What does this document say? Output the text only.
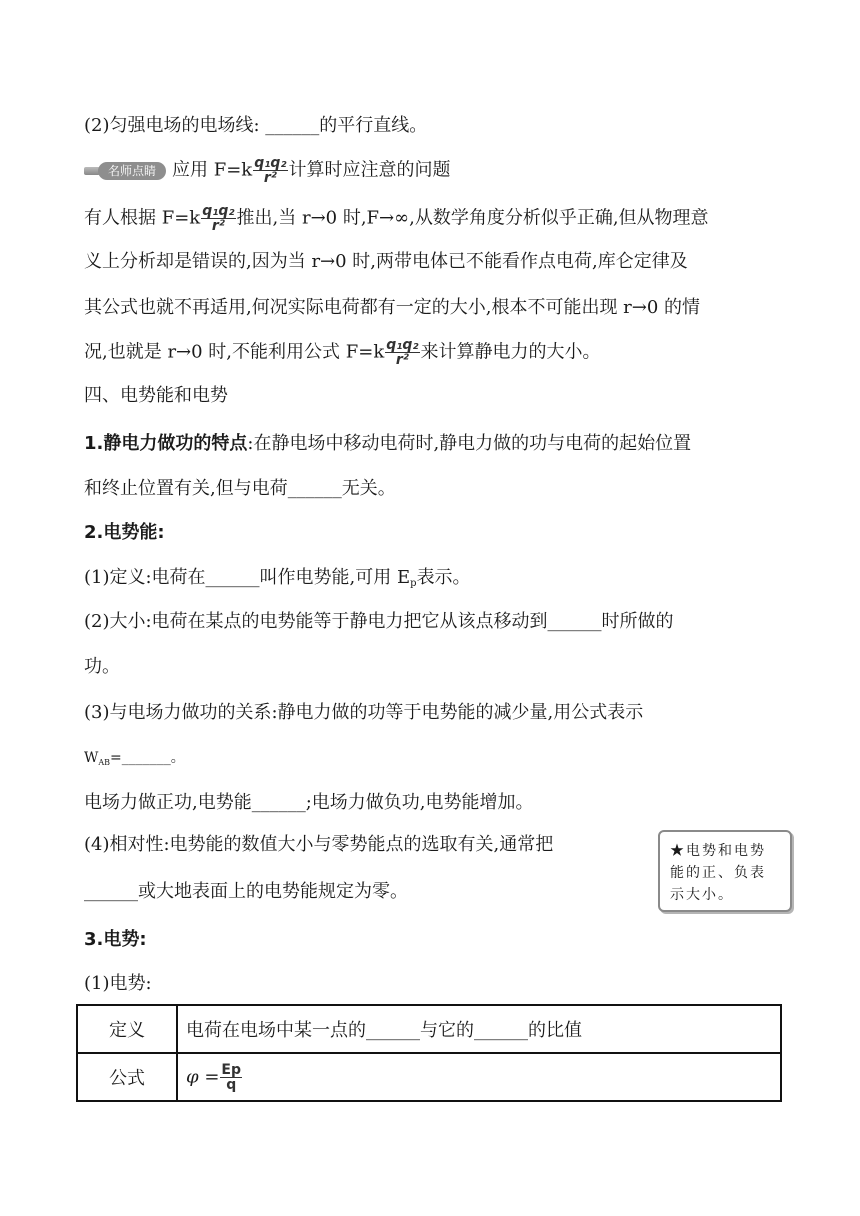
(2)匀强电场的电场线: ______的平行直线。
名师点睛 应用 $F=k \frac{\text{q₁q₂}}{\text{r²}}$ 计算时应注意的问题
有人根据 $F=k \frac{\text{q₁q₂}}{\text{r²}}$ 推出,当 r→0 时,F→∞,从数学角度分析似乎正确,但从物理意
义上分析却是错误的,因为当 r→0 时,两带电体已不能看作点电荷,库仑定律及
其公式也就不再适用,何况实际电荷都有一定的大小,根本不可能出现 r→0 的情
况,也就是 r→0 时,不能利用公式 $F=k \frac{\text{q₁q₂}}{\text{r²}}$ 来计算静电力的大小。
四、电势能和电势
1.静电力做功的特点:在静电场中移动电荷时,静电力做的功与电荷的起始位置
和终止位置有关,但与电荷______无关。
2.电势能:
(1)定义:电荷在______叫作电势能,可用 $E_p$表示。
(2)大小:电荷在某点的电势能等于静电力把它从该点移动到______时所做的
功。
(3)与电场力做功的关系:静电力做的功等于电势能的减少量,用公式表示
$W_{AB}=\_\_\_\_\_\_\_$。
电场力做正功,电势能______;电场力做负功,电势能增加。
(4)相对性:电势能的数值大小与零势能点的选取有关,通常把
______或大地表面上的电势能规定为零。
★电势和电势能的正、负表示大小。
3.电势:
(1)电势:
定义	电荷在电场中某一点的______与它的______的比值
公式	$\varphi = \frac{Ep}{q}$
